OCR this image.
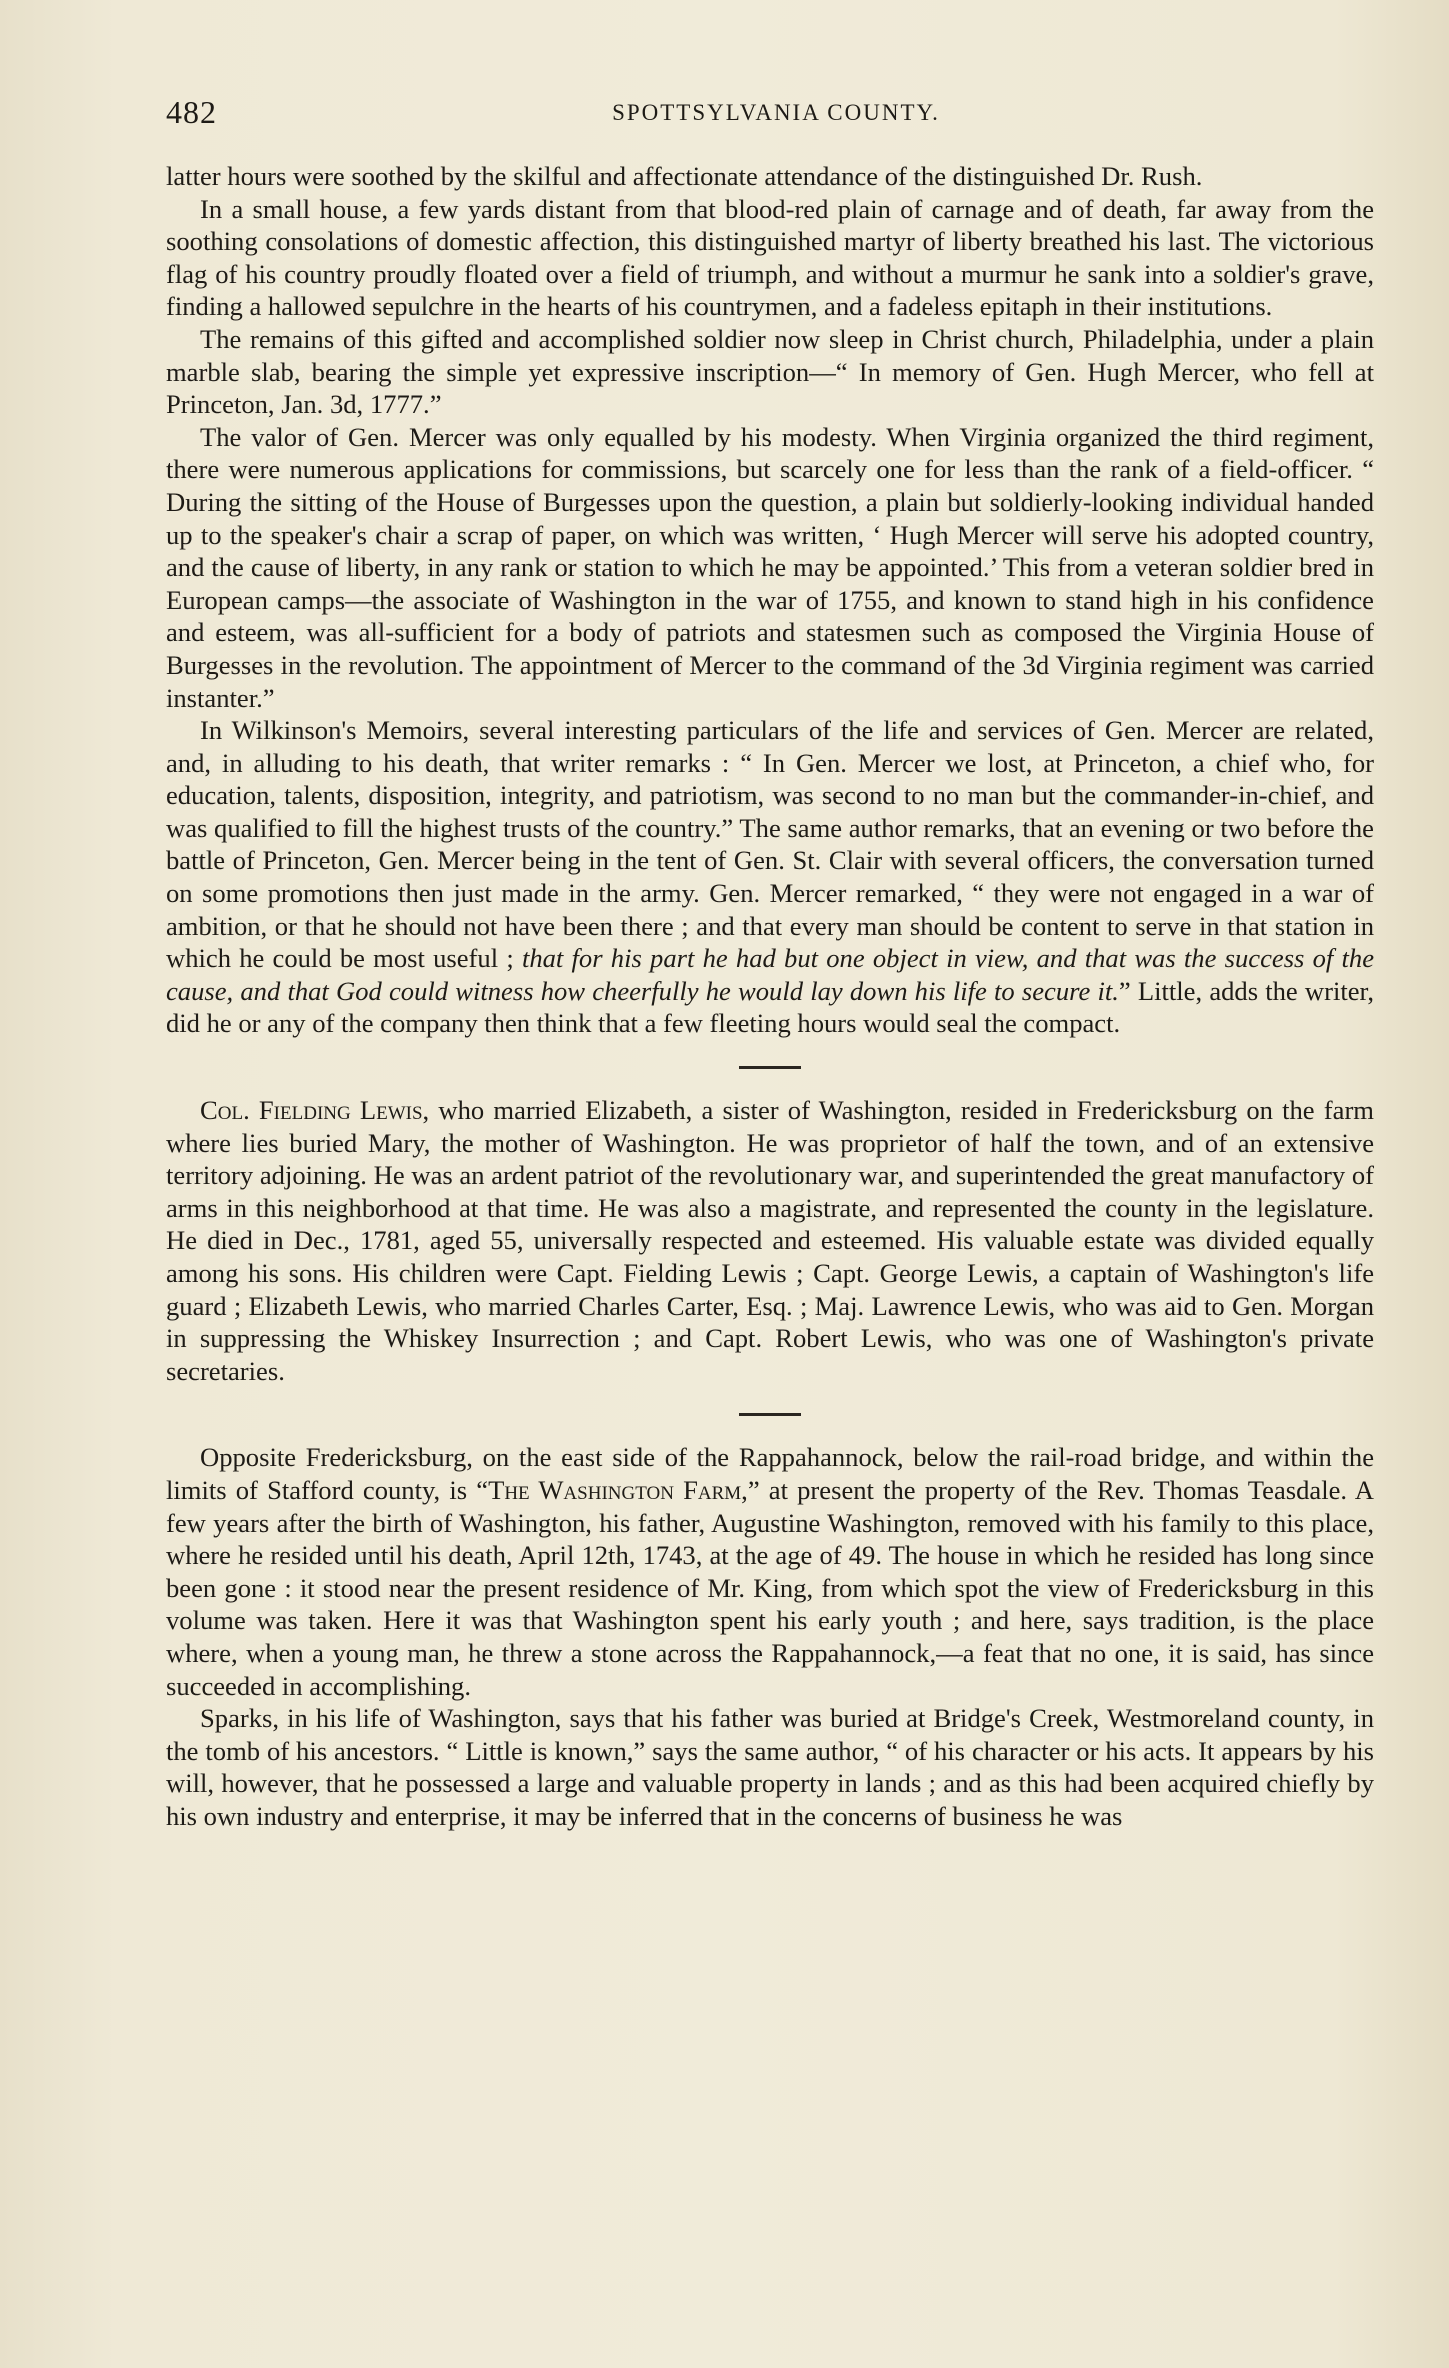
482	SPOTTSYLVANIA COUNTY.

latter hours were soothed by the skilful and affectionate attendance of the distinguished Dr. Rush.

In a small house, a few yards distant from that blood-red plain of carnage and of death, far away from the soothing consolations of domestic affection, this distinguished martyr of liberty breathed his last. The victorious flag of his country proudly floated over a field of triumph, and without a murmur he sank into a soldier's grave, finding a hallowed sepulchre in the hearts of his countrymen, and a fadeless epitaph in their institutions.

The remains of this gifted and accomplished soldier now sleep in Christ church, Philadelphia, under a plain marble slab, bearing the simple yet expressive inscription—“ In memory of Gen. Hugh Mercer, who fell at Princeton, Jan. 3d, 1777.”

The valor of Gen. Mercer was only equalled by his modesty. When Virginia organized the third regiment, there were numerous applications for commissions, but scarcely one for less than the rank of a field-officer. “ During the sitting of the House of Burgesses upon the question, a plain but soldierly-looking individual handed up to the speaker's chair a scrap of paper, on which was written, ‘ Hugh Mercer will serve his adopted country, and the cause of liberty, in any rank or station to which he may be appointed.’ This from a veteran soldier bred in European camps—the associate of Washington in the war of 1755, and known to stand high in his confidence and esteem, was all-sufficient for a body of patriots and statesmen such as composed the Virginia House of Burgesses in the revolution. The appointment of Mercer to the command of the 3d Virginia regiment was carried instanter.”

In Wilkinson's Memoirs, several interesting particulars of the life and services of Gen. Mercer are related, and, in alluding to his death, that writer remarks : “ In Gen. Mercer we lost, at Princeton, a chief who, for education, talents, disposition, integrity, and patriotism, was second to no man but the commander-in-chief, and was qualified to fill the highest trusts of the country.” The same author remarks, that an evening or two before the battle of Princeton, Gen. Mercer being in the tent of Gen. St. Clair with several officers, the conversation turned on some promotions then just made in the army. Gen. Mercer remarked, “ they were not engaged in a war of ambition, or that he should not have been there ; and that every man should be content to serve in that station in which he could be most useful ; that for his part he had but one object in view, and that was the success of the cause, and that God could witness how cheerfully he would lay down his life to secure it.” Little, adds the writer, did he or any of the company then think that a few fleeting hours would seal the compact.

Col. Fielding Lewis, who married Elizabeth, a sister of Washington, resided in Fredericksburg on the farm where lies buried Mary, the mother of Washington. He was proprietor of half the town, and of an extensive territory adjoining. He was an ardent patriot of the revolutionary war, and superintended the great manufactory of arms in this neighborhood at that time. He was also a magistrate, and represented the county in the legislature. He died in Dec., 1781, aged 55, universally respected and esteemed. His valuable estate was divided equally among his sons. His children were Capt. Fielding Lewis ; Capt. George Lewis, a captain of Washington's life guard ; Elizabeth Lewis, who married Charles Carter, Esq. ; Maj. Lawrence Lewis, who was aid to Gen. Morgan in suppressing the Whiskey Insurrection ; and Capt. Robert Lewis, who was one of Washington's private secretaries.

Opposite Fredericksburg, on the east side of the Rappahannock, below the rail-road bridge, and within the limits of Stafford county, is “The Washington Farm,” at present the property of the Rev. Thomas Teasdale. A few years after the birth of Washington, his father, Augustine Washington, removed with his family to this place, where he resided until his death, April 12th, 1743, at the age of 49. The house in which he resided has long since been gone : it stood near the present residence of Mr. King, from which spot the view of Fredericksburg in this volume was taken. Here it was that Washington spent his early youth ; and here, says tradition, is the place where, when a young man, he threw a stone across the Rappahannock,—a feat that no one, it is said, has since succeeded in accomplishing.

Sparks, in his life of Washington, says that his father was buried at Bridge's Creek, Westmoreland county, in the tomb of his ancestors. “ Little is known,” says the same author, “ of his character or his acts. It appears by his will, however, that he possessed a large and valuable property in lands ; and as this had been acquired chiefly by his own industry and enterprise, it may be inferred that in the concerns of business he was
